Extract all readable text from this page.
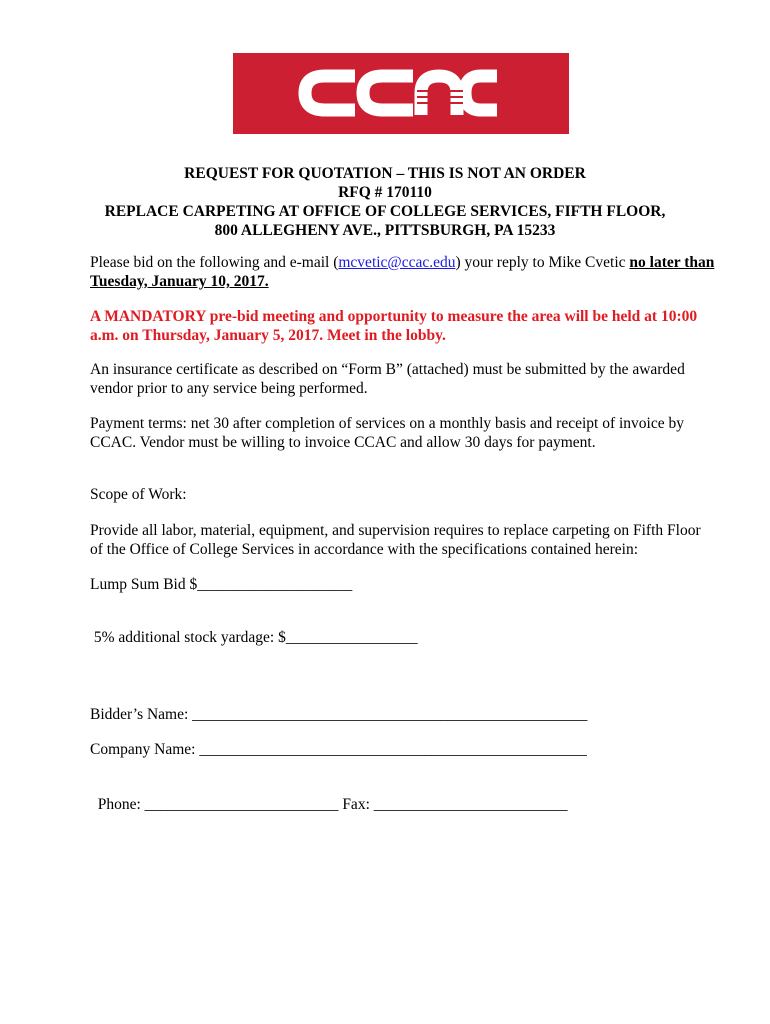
REQUEST FOR QUOTATION – THIS IS NOT AN ORDER
RFQ # 170110
REPLACE CARPETING AT OFFICE OF COLLEGE SERVICES, FIFTH FLOOR,
800 ALLEGHENY AVE., PITTSBURGH, PA 15233
Please bid on the following and e-mail (mcvetic@ccac.edu) your reply to Mike Cvetic no later than
Tuesday, January 10, 2017.
A MANDATORY pre-bid meeting and opportunity to measure the area will be held at 10:00
a.m. on Thursday, January 5, 2017. Meet in the lobby.
An insurance certificate as described on “Form B” (attached) must be submitted by the awarded
vendor prior to any service being performed.
Payment terms: net 30 after completion of services on a monthly basis and receipt of invoice by
CCAC. Vendor must be willing to invoice CCAC and allow 30 days for payment.
Scope of Work:
Provide all labor, material, equipment, and supervision requires to replace carpeting on Fifth Floor
of the Office of College Services in accordance with the specifications contained herein:
Lump Sum Bid $____________________
5% additional stock yardage: $_________________
Bidder’s Name: ___________________________________________________
Company Name: __________________________________________________

Phone: _________________________ Fax: _________________________
